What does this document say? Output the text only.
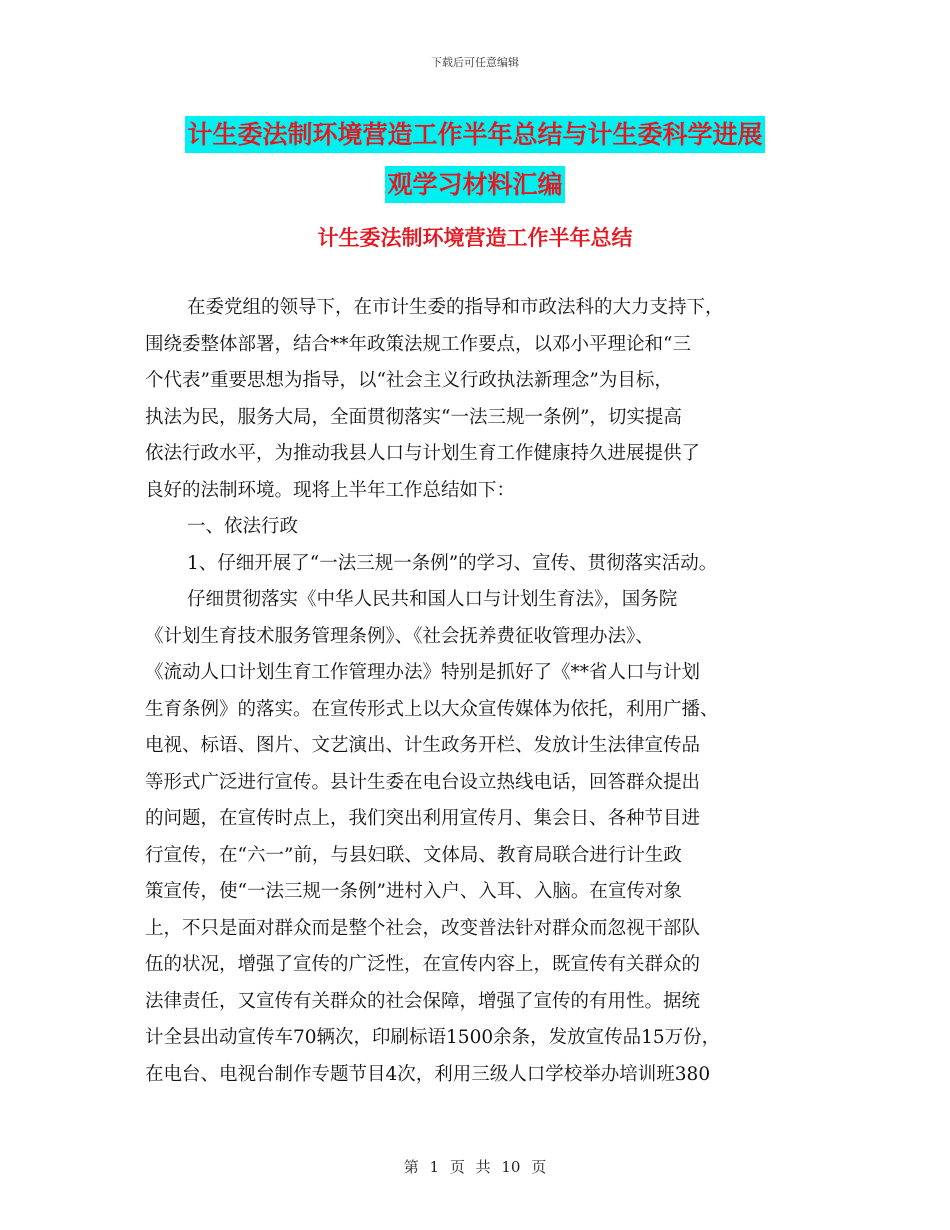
下载后可任意编辑
计生委法制环境营造工作半年总结与计生委科学进展
观学习材料汇编
计生委法制环境营造工作半年总结
在委党组的领导下，在市计生委的指导和市政法科的大力支持下，
围绕委整体部署，结合**年政策法规工作要点，以邓小平理论和“三
个代表”重要思想为指导，以“社会主义行政执法新理念”为目标，
执法为民，服务大局，全面贯彻落实“一法三规一条例”，切实提高
依法行政水平，为推动我县人口与计划生育工作健康持久进展提供了
良好的法制环境。现将上半年工作总结如下：
一、依法行政
1、仔细开展了“一法三规一条例”的学习、宣传、贯彻落实活动。
仔细贯彻落实《中华人民共和国人口与计划生育法》，国务院
《计划生育技术服务管理条例》、《社会抚养费征收管理办法》、
《流动人口计划生育工作管理办法》特别是抓好了《**省人口与计划
生育条例》的落实。在宣传形式上以大众宣传媒体为依托，利用广播、
电视、标语、图片、文艺演出、计生政务开栏、发放计生法律宣传品
等形式广泛进行宣传。县计生委在电台设立热线电话，回答群众提出
的问题，在宣传时点上，我们突出利用宣传月、集会日、各种节目进
行宣传，在“六一”前，与县妇联、文体局、教育局联合进行计生政
策宣传，使“一法三规一条例”进村入户、入耳、入脑。在宣传对象
上，不只是面对群众而是整个社会，改变普法针对群众而忽视干部队
伍的状况，增强了宣传的广泛性，在宣传内容上，既宣传有关群众的
法律责任，又宣传有关群众的社会保障，增强了宣传的有用性。据统
计全县出动宣传车70辆次，印刷标语1500余条，发放宣传品15万份，
在电台、电视台制作专题节目4次，利用三级人口学校举办培训班380
第 1 页 共 10 页
